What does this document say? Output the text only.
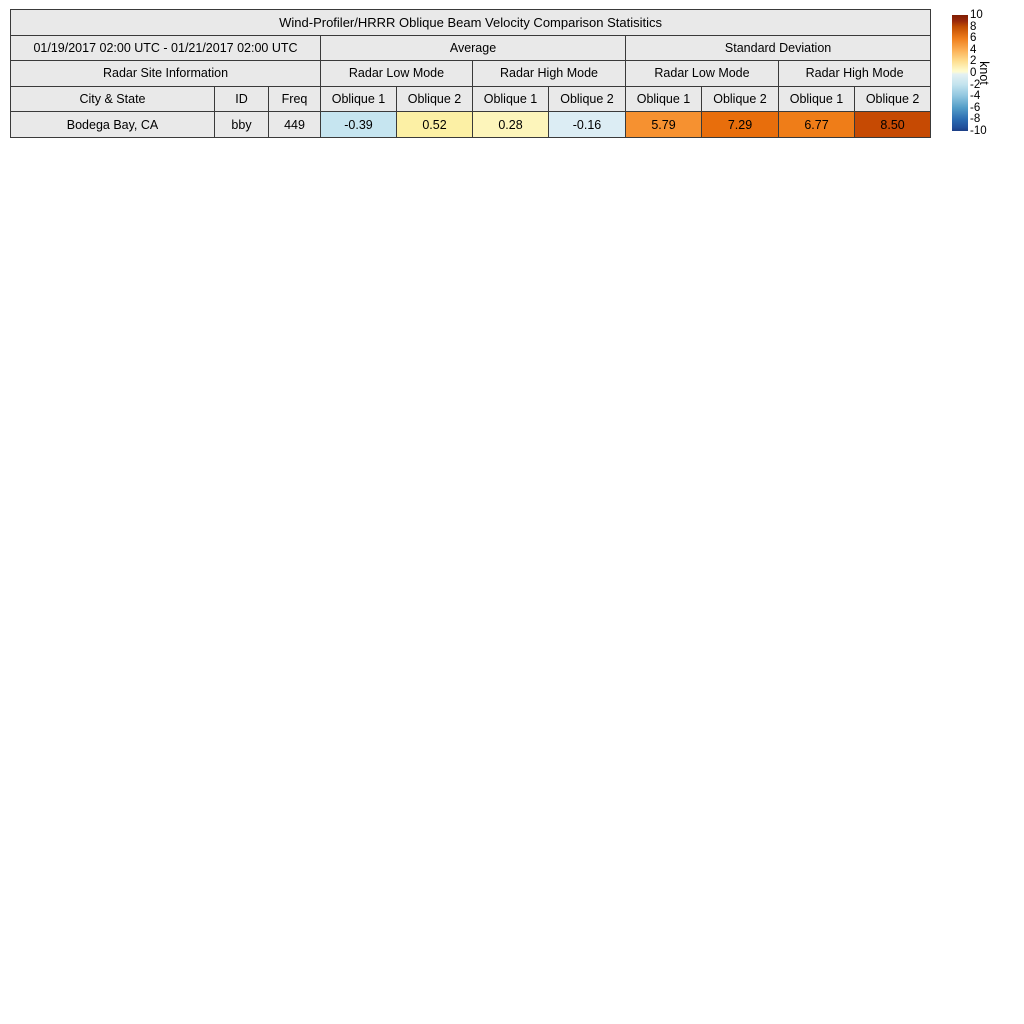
Wind-Profiler/HRRR Oblique Beam Velocity Comparison Statisitics										
01/19/2017 02:00 UTC - 01/21/2017 02:00 UTC			Average				Standard Deviation			
Radar Site Information			Radar Low Mode		Radar High Mode		Radar Low Mode		Radar High Mode	
City & State	ID	Freq	Oblique 1	Oblique 2	Oblique 1	Oblique 2	Oblique 1	Oblique 2	Oblique 1	Oblique 2
Bodega Bay, CA	bby	449	-0.39	0.52	0.28	-0.16	5.79	7.29	6.77	8.50
10
8
6
4
2
0
-2
-4
-6
-8
-10
knot
